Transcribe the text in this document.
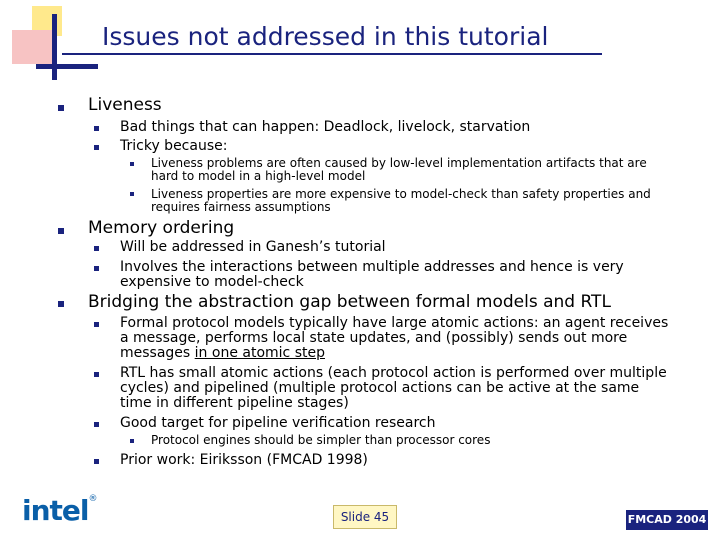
Issues not addressed in this tutorial
Liveness
Bad things that can happen: Deadlock, livelock, starvation
Tricky because:
Liveness problems are often caused by low-level implementation artifacts that are
hard to model in a high-level model
Liveness properties are more expensive to model-check than safety properties and
requires fairness assumptions
Memory ordering
Will be addressed in Ganesh’s tutorial
Involves the interactions between multiple addresses and hence is very
expensive to model-check
Bridging the abstraction gap between formal models and RTL
Formal protocol models typically have large atomic actions: an agent receives
a message, performs local state updates, and (possibly) sends out more
messages in one atomic step
RTL has small atomic actions (each protocol action is performed over multiple
cycles) and pipelined (multiple protocol actions can be active at the same
time in different pipeline stages)
Good target for pipeline verification research
Protocol engines should be simpler than processor cores
Prior work: Eiriksson (FMCAD 1998)
intel®
Slide 45	FMCAD 2004
